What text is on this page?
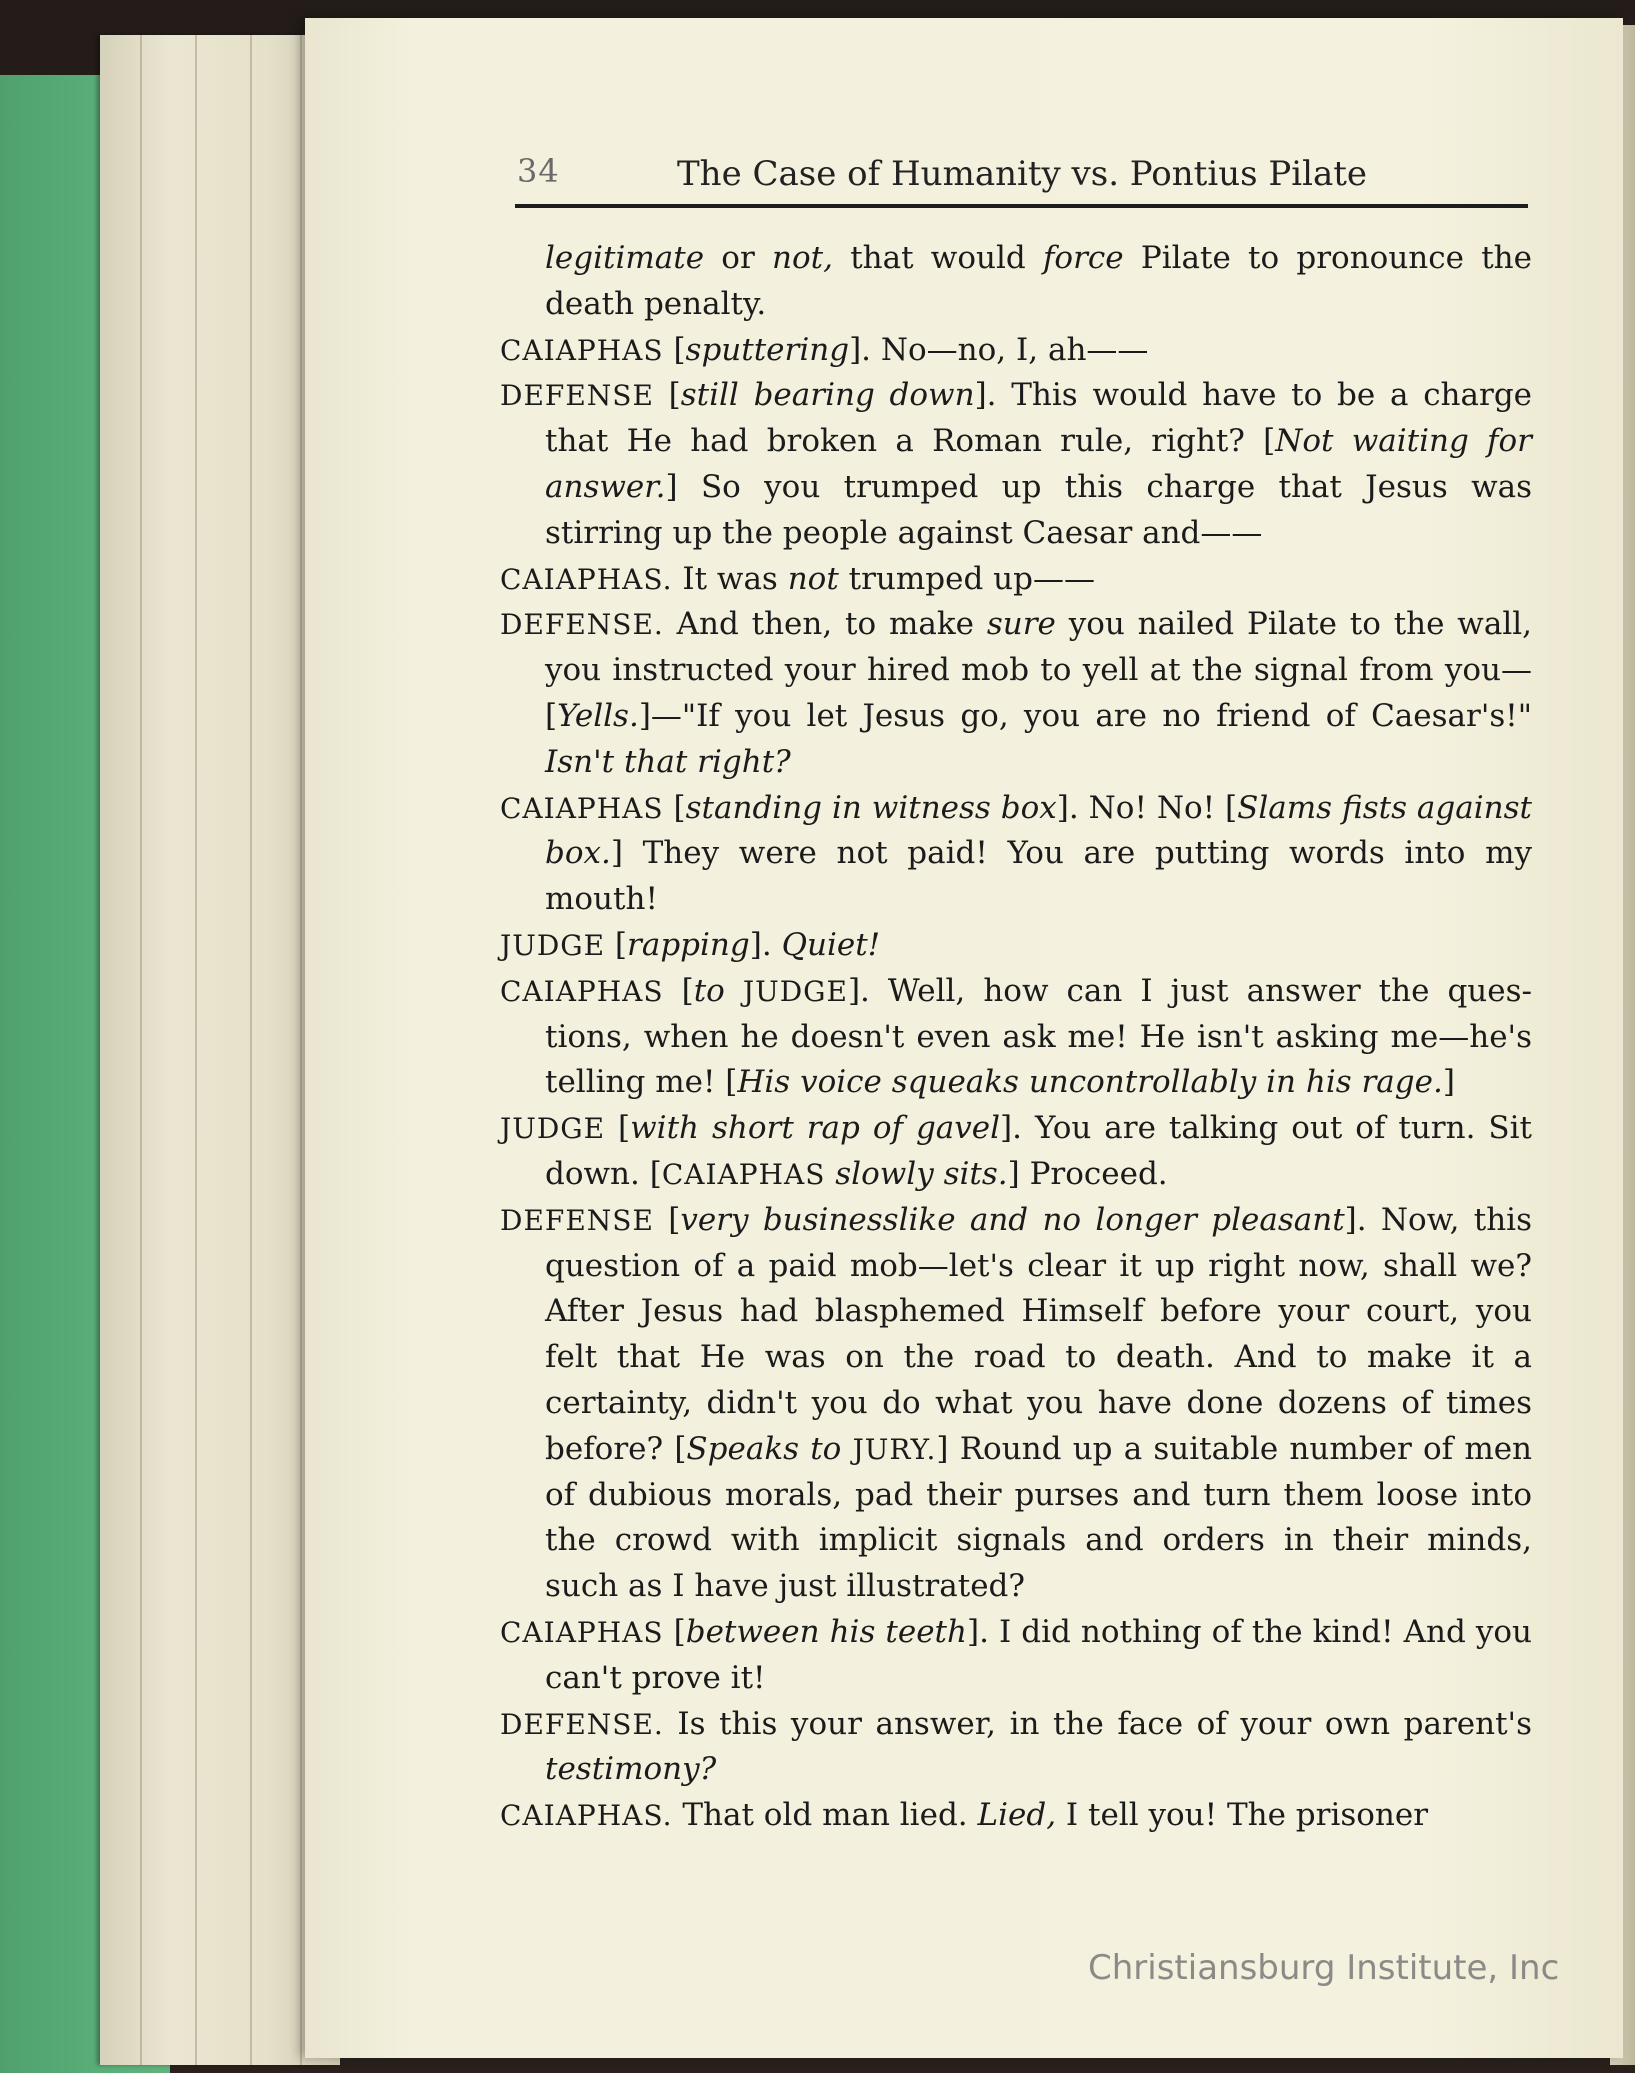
34	The Case of Humanity vs. Pontius Pilate

legitimate or not, that would force Pilate to pronounce the death penalty.

CAIAPHAS [sputtering]. No—no, I, ah——

DEFENSE [still bearing down]. This would have to be a charge that He had broken a Roman rule, right? [Not waiting for answer.] So you trumped up this charge that Jesus was stirring up the people against Caesar and——

CAIAPHAS. It was not trumped up——

DEFENSE. And then, to make sure you nailed Pilate to the wall, you instructed your hired mob to yell at the signal from you—[Yells.]—"If you let Jesus go, you are no friend of Caesar's!" Isn't that right?

CAIAPHAS [standing in witness box]. No! No! [Slams fists against box.] They were not paid! You are putting words into my mouth!

JUDGE [rapping]. Quiet!

CAIAPHAS [to JUDGE]. Well, how can I just answer the ques-tions, when he doesn't even ask me! He isn't asking me—he's telling me! [His voice squeaks uncontrollably in his rage.]

JUDGE [with short rap of gavel]. You are talking out of turn. Sit down. [CAIAPHAS slowly sits.] Proceed.

DEFENSE [very businesslike and no longer pleasant]. Now, this question of a paid mob—let's clear it up right now, shall we? After Jesus had blasphemed Himself before your court, you felt that He was on the road to death. And to make it a certainty, didn't you do what you have done dozens of times before? [Speaks to JURY.] Round up a suitable number of men of dubious morals, pad their purses and turn them loose into the crowd with implicit signals and orders in their minds, such as I have just illustrated?

CAIAPHAS [between his teeth]. I did nothing of the kind! And you can't prove it!

DEFENSE. Is this your answer, in the face of your own parent's testimony?

CAIAPHAS. That old man lied. Lied, I tell you! The prisoner

Christiansburg Institute, Inc
